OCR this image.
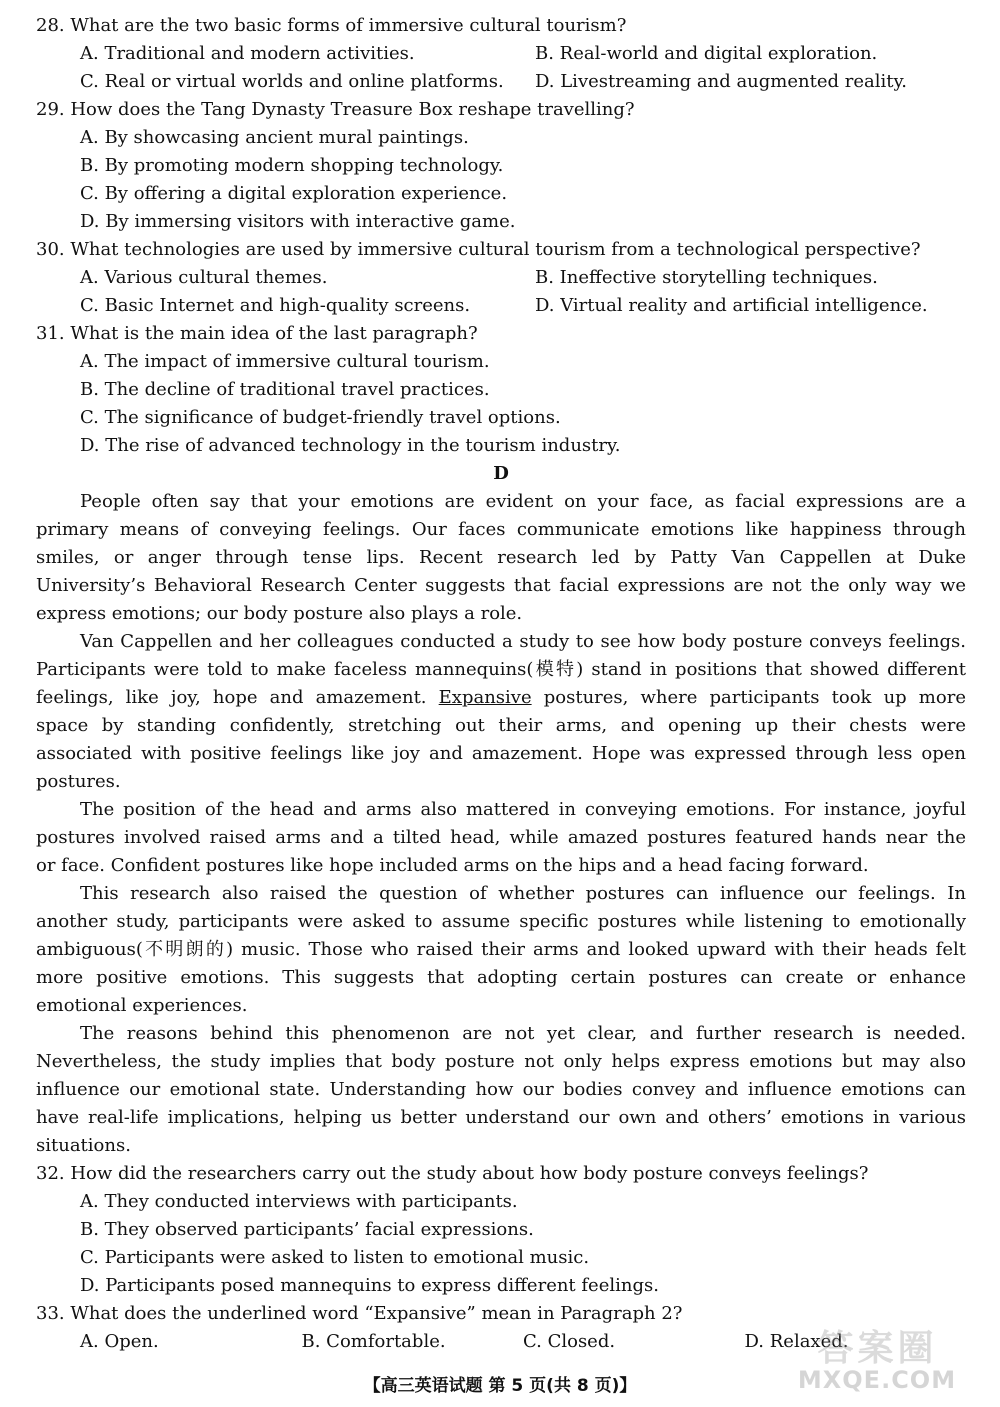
28. What are the two basic forms of immersive cultural tourism?
A. Traditional and modern activities.	B. Real-world and digital exploration.
C. Real or virtual worlds and online platforms.	D. Livestreaming and augmented reality.
29. How does the Tang Dynasty Treasure Box reshape travelling?
A. By showcasing ancient mural paintings.
B. By promoting modern shopping technology.
C. By offering a digital exploration experience.
D. By immersing visitors with interactive game.
30. What technologies are used by immersive cultural tourism from a technological perspective?
A. Various cultural themes.	B. Ineffective storytelling techniques.
C. Basic Internet and high-quality screens.	D. Virtual reality and artificial intelligence.
31. What is the main idea of the last paragraph?
A. The impact of immersive cultural tourism.
B. The decline of traditional travel practices.
C. The significance of budget-friendly travel options.
D. The rise of advanced technology in the tourism industry.
D
People often say that your emotions are evident on your face, as facial expressions are a
primary means of conveying feelings. Our faces communicate emotions like happiness through
smiles, or anger through tense lips. Recent research led by Patty Van Cappellen at Duke
University’s Behavioral Research Center suggests that facial expressions are not the only way we
express emotions; our body posture also plays a role.
Van Cappellen and her colleagues conducted a study to see how body posture conveys feelings.
Participants were told to make faceless mannequins(模特) stand in positions that showed different
feelings, like joy, hope and amazement. Expansive postures, where participants took up more
space by standing confidently, stretching out their arms, and opening up their chests were
associated with positive feelings like joy and amazement. Hope was expressed through less open
postures.
The position of the head and arms also mattered in conveying emotions. For instance, joyful
postures involved raised arms and a tilted head, while amazed postures featured hands near the
or face. Confident postures like hope included arms on the hips and a head facing forward.
This research also raised the question of whether postures can influence our feelings. In
another study, participants were asked to assume specific postures while listening to emotionally
ambiguous(不明朗的) music. Those who raised their arms and looked upward with their heads felt
more positive emotions. This suggests that adopting certain postures can create or enhance
emotional experiences.
The reasons behind this phenomenon are not yet clear, and further research is needed.
Nevertheless, the study implies that body posture not only helps express emotions but may also
influence our emotional state. Understanding how our bodies convey and influence emotions can
have real-life implications, helping us better understand our own and others’ emotions in various
situations.
32. How did the researchers carry out the study about how body posture conveys feelings?
A. They conducted interviews with participants.
B. They observed participants’ facial expressions.
C. Participants were asked to listen to emotional music.
D. Participants posed mannequins to express different feelings.
33. What does the underlined word “Expansive” mean in Paragraph 2?
A. Open.	B. Comfortable.	C. Closed.	D. Relaxed.
答案圈
MXQE.COM
【高三英语试题 第 5 页(共 8 页)】
